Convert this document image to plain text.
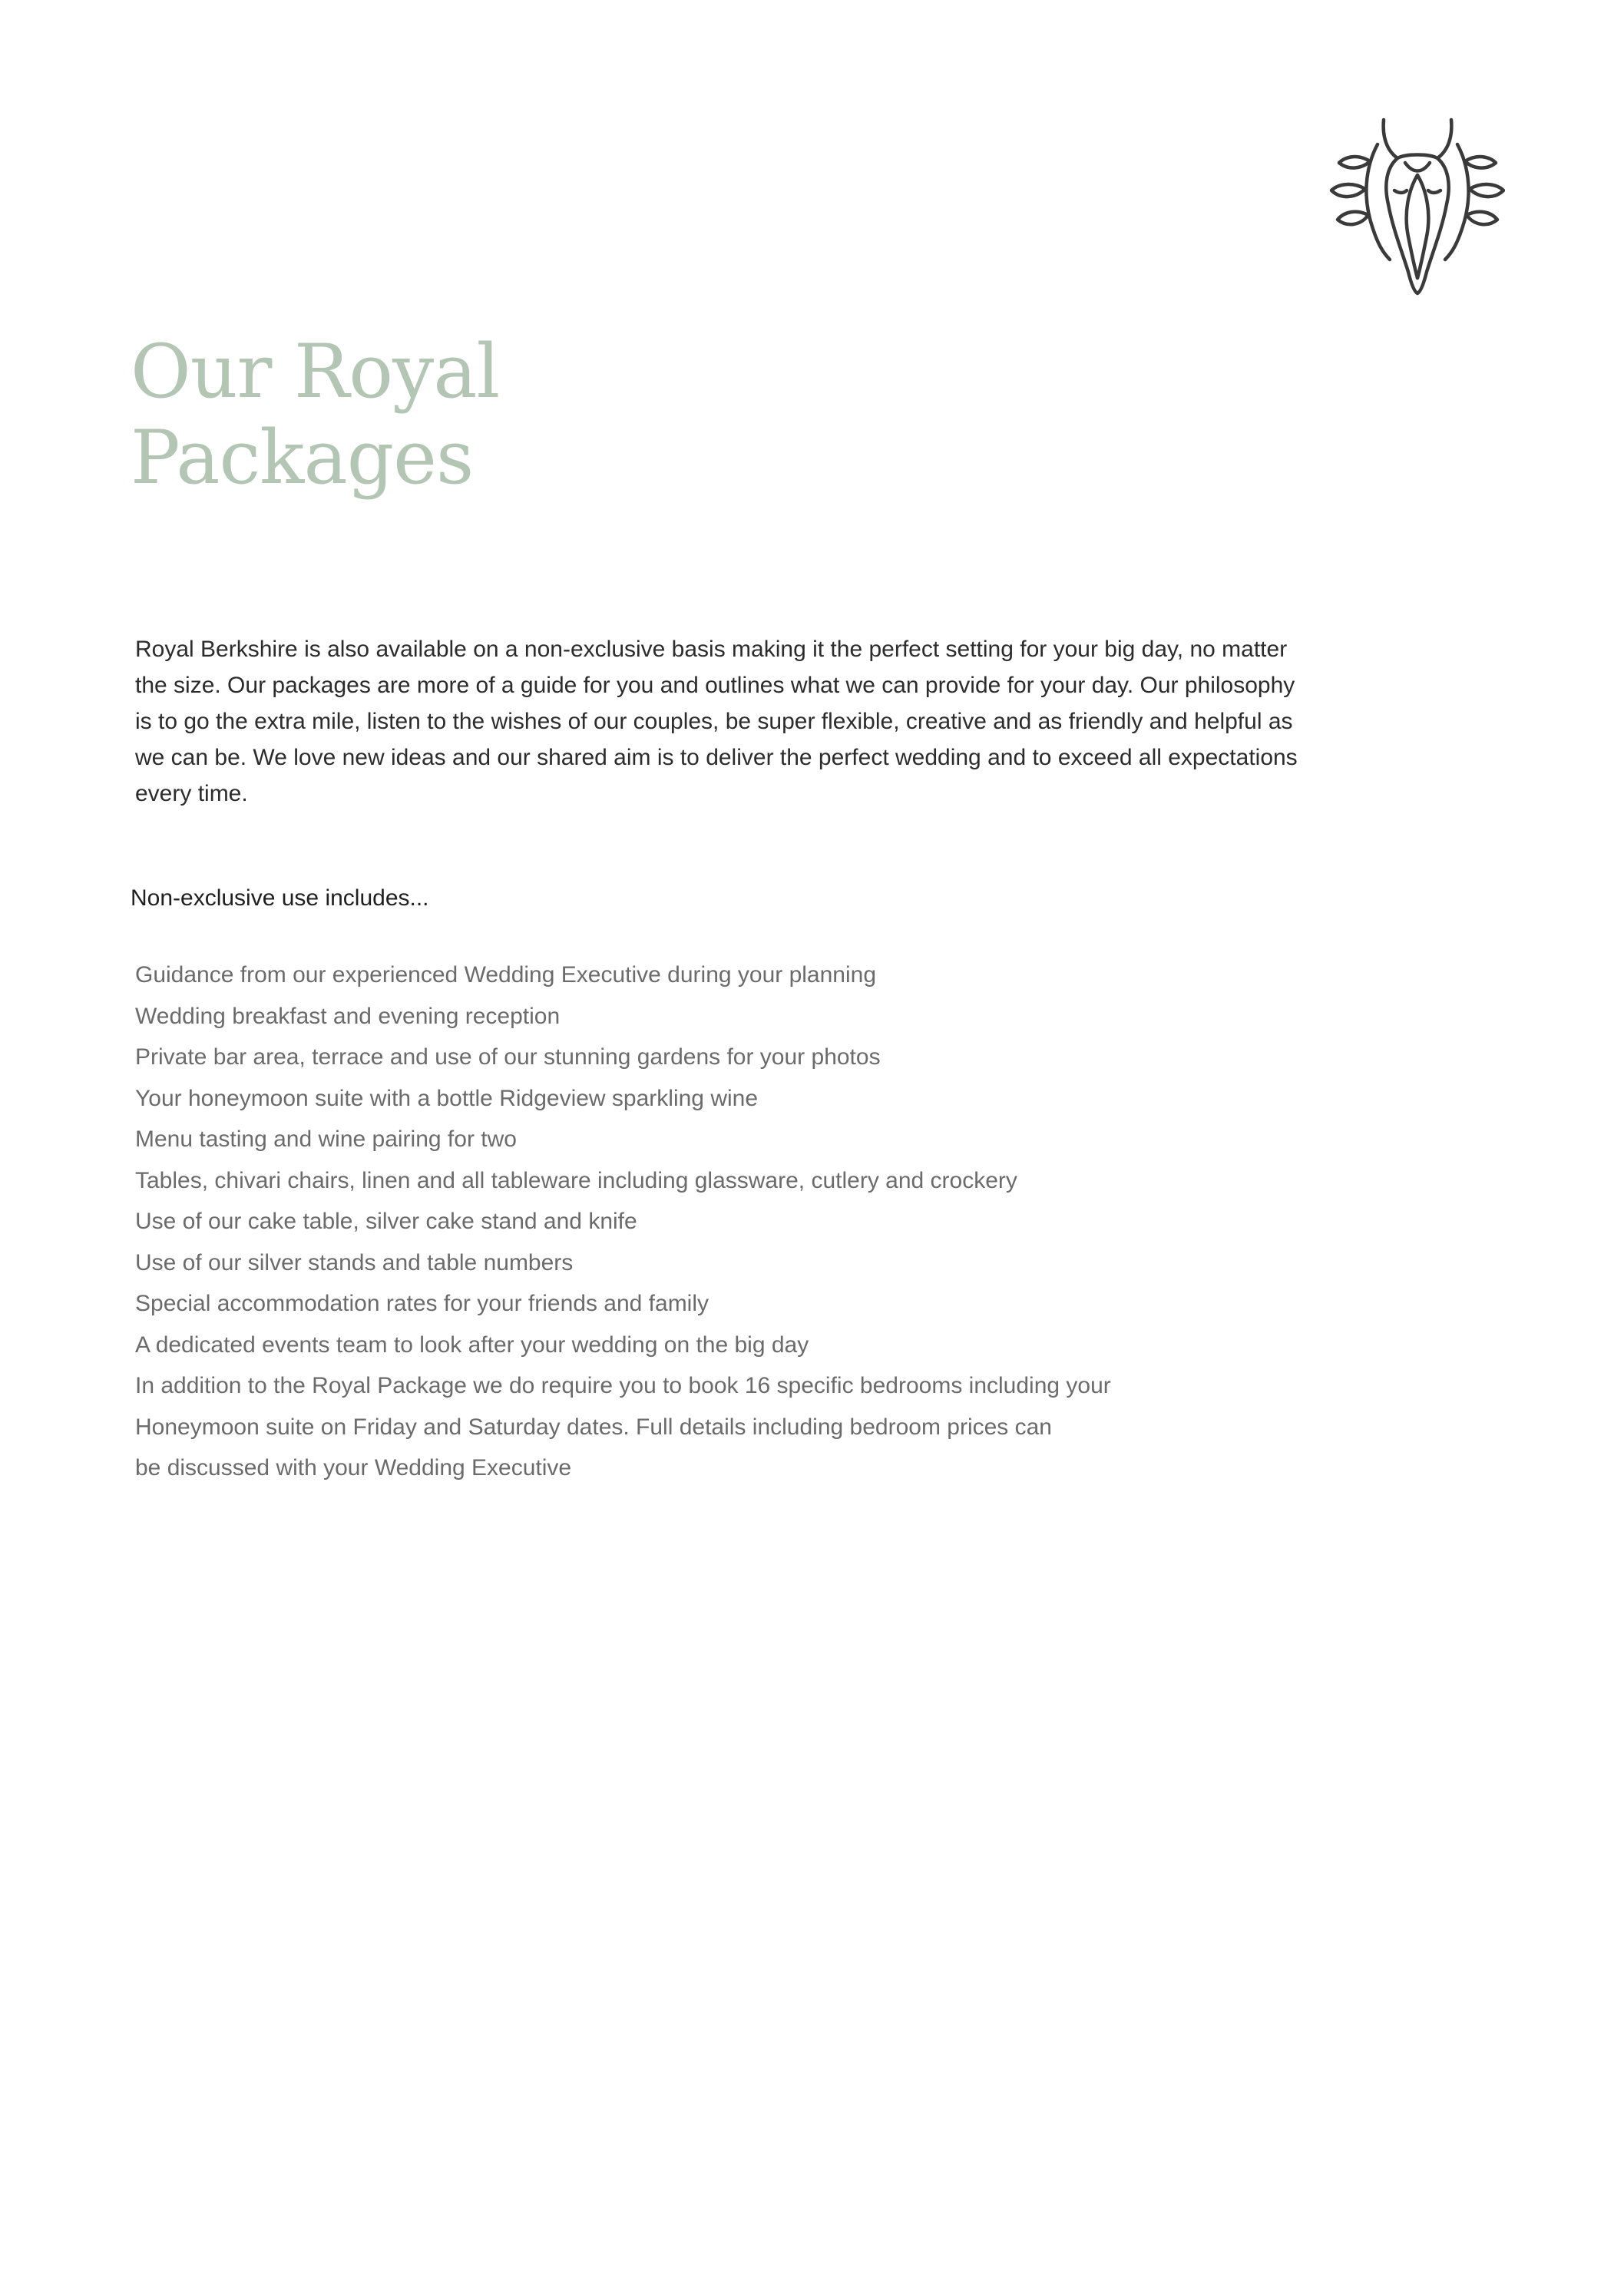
Our Royal
Packages

Royal Berkshire is also available on a non-exclusive basis making it the perfect setting for your big day, no matter the size. Our packages are more of a guide for you and outlines what we can provide for your day. Our philosophy is to go the extra mile, listen to the wishes of our couples, be super flexible, creative and as friendly and helpful as we can be. We love new ideas and our shared aim is to deliver the perfect wedding and to exceed all expectations every time.

Non-exclusive use includes...
Guidance from our experienced Wedding Executive during your planning
Wedding breakfast and evening reception
Private bar area, terrace and use of our stunning gardens for your photos
Your honeymoon suite with a bottle Ridgeview sparkling wine
Menu tasting and wine pairing for two
Tables, chivari chairs, linen and all tableware including glassware, cutlery and crockery
Use of our cake table, silver cake stand and knife
Use of our silver stands and table numbers
Special accommodation rates for your friends and family
A dedicated events team to look after your wedding on the big day
In addition to the Royal Package we do require you to book 16 specific bedrooms including your
Honeymoon suite on Friday and Saturday dates. Full details including bedroom prices can
be discussed with your Wedding Executive
